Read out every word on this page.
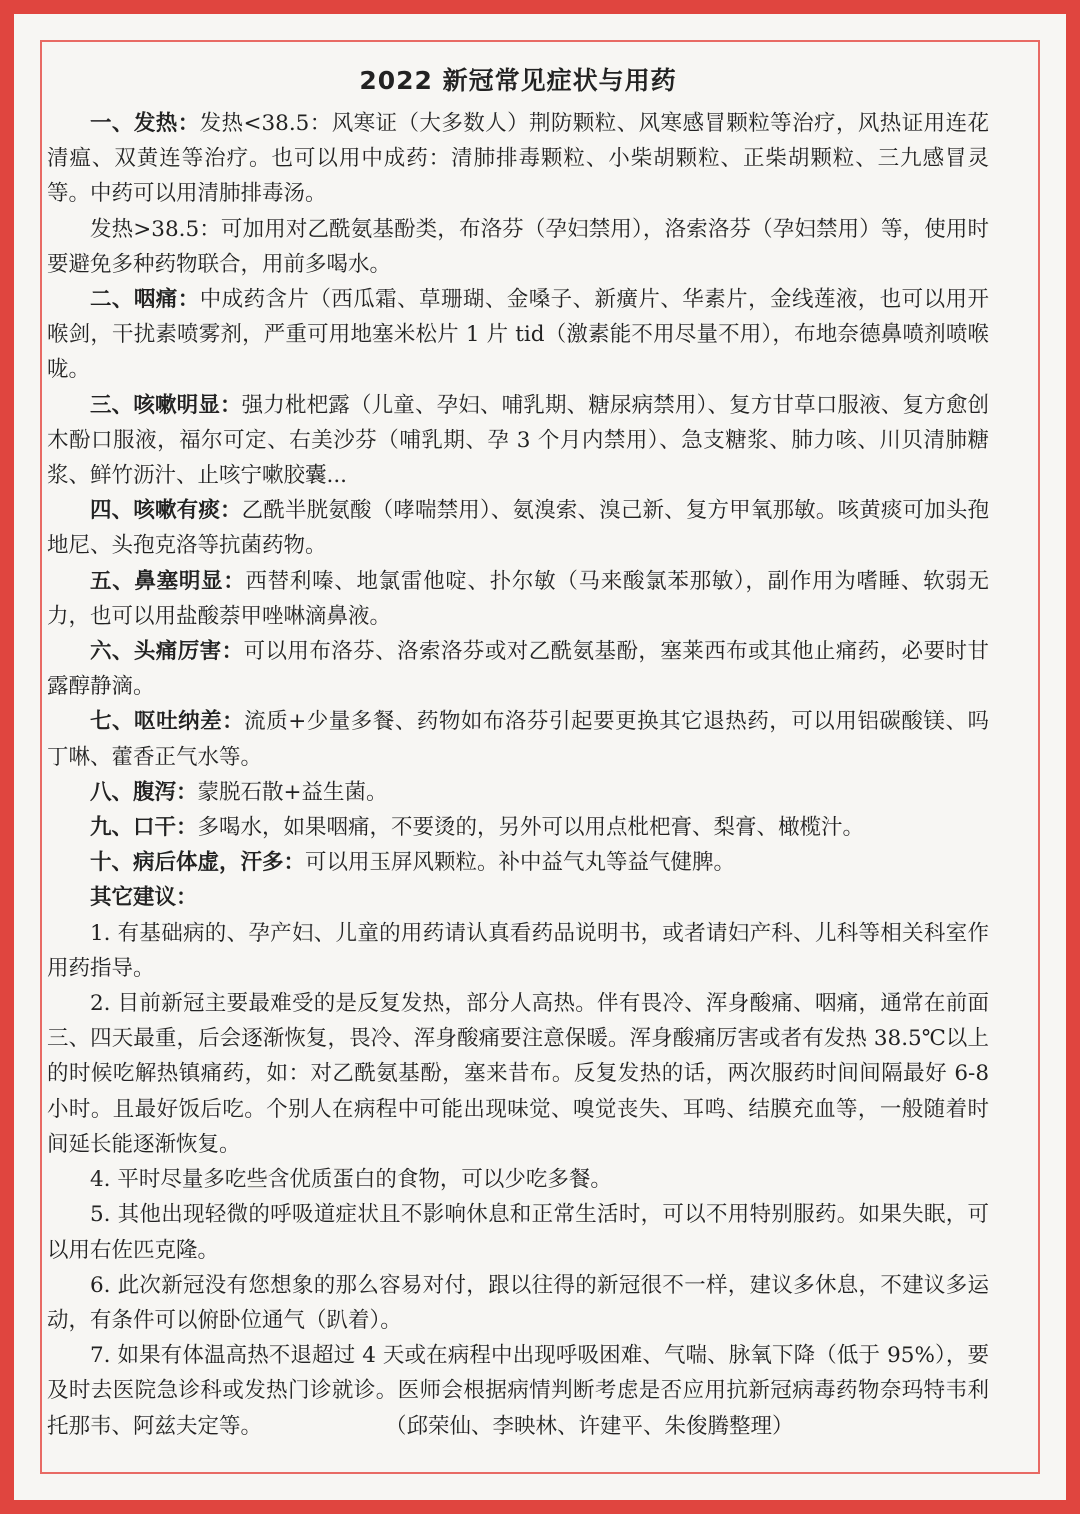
2022 新冠常见症状与用药

一、发热：发热<38.5：风寒证（大多数人）荆防颗粒、风寒感冒颗粒等治疗，风热证用连花清瘟、双黄连等治疗。也可以用中成药：清肺排毒颗粒、小柴胡颗粒、正柴胡颗粒、三九感冒灵等。中药可以用清肺排毒汤。

发热>38.5：可加用对乙酰氨基酚类，布洛芬（孕妇禁用），洛索洛芬（孕妇禁用）等，使用时要避免多种药物联合，用前多喝水。

二、咽痛：中成药含片（西瓜霜、草珊瑚、金嗓子、新癀片、华素片，金线莲液，也可以用开喉剑，干扰素喷雾剂，严重可用地塞米松片 1 片 tid（激素能不用尽量不用），布地奈德鼻喷剂喷喉咙。

三、咳嗽明显：强力枇杷露（儿童、孕妇、哺乳期、糖尿病禁用）、复方甘草口服液、复方愈创木酚口服液，福尔可定、右美沙芬（哺乳期、孕 3 个月内禁用）、急支糖浆、肺力咳、川贝清肺糖浆、鲜竹沥汁、止咳宁嗽胶囊...

四、咳嗽有痰：乙酰半胱氨酸（哮喘禁用）、氨溴索、溴己新、复方甲氧那敏。咳黄痰可加头孢地尼、头孢克洛等抗菌药物。

五、鼻塞明显：西替利嗪、地氯雷他啶、扑尔敏（马来酸氯苯那敏），副作用为嗜睡、软弱无力，也可以用盐酸萘甲唑啉滴鼻液。

六、头痛厉害：可以用布洛芬、洛索洛芬或对乙酰氨基酚，塞莱西布或其他止痛药，必要时甘露醇静滴。

七、呕吐纳差：流质+少量多餐、药物如布洛芬引起要更换其它退热药，可以用铝碳酸镁、吗丁啉、藿香正气水等。

八、腹泻：蒙脱石散+益生菌。

九、口干：多喝水，如果咽痛，不要烫的，另外可以用点枇杷膏、梨膏、橄榄汁。

十、病后体虚，汗多：可以用玉屏风颗粒。补中益气丸等益气健脾。

其它建议：

1. 有基础病的、孕产妇、儿童的用药请认真看药品说明书，或者请妇产科、儿科等相关科室作用药指导。

2. 目前新冠主要最难受的是反复发热，部分人高热。伴有畏冷、浑身酸痛、咽痛，通常在前面三、四天最重，后会逐渐恢复，畏冷、浑身酸痛要注意保暖。浑身酸痛厉害或者有发热 38.5℃以上的时候吃解热镇痛药，如：对乙酰氨基酚，塞来昔布。反复发热的话，两次服药时间间隔最好 6-8 小时。且最好饭后吃。个别人在病程中可能出现味觉、嗅觉丧失、耳鸣、结膜充血等，一般随着时间延长能逐渐恢复。

4. 平时尽量多吃些含优质蛋白的食物，可以少吃多餐。

5. 其他出现轻微的呼吸道症状且不影响休息和正常生活时，可以不用特别服药。如果失眠，可以用右佐匹克隆。

6. 此次新冠没有您想象的那么容易对付，跟以往得的新冠很不一样，建议多休息，不建议多运动，有条件可以俯卧位通气（趴着）。

7. 如果有体温高热不退超过 4 天或在病程中出现呼吸困难、气喘、脉氧下降（低于 95%），要及时去医院急诊科或发热门诊就诊。医师会根据病情判断考虑是否应用抗新冠病毒药物奈玛特韦利托那韦、阿兹夫定等。	（邱荣仙、李映林、许建平、朱俊腾整理）
